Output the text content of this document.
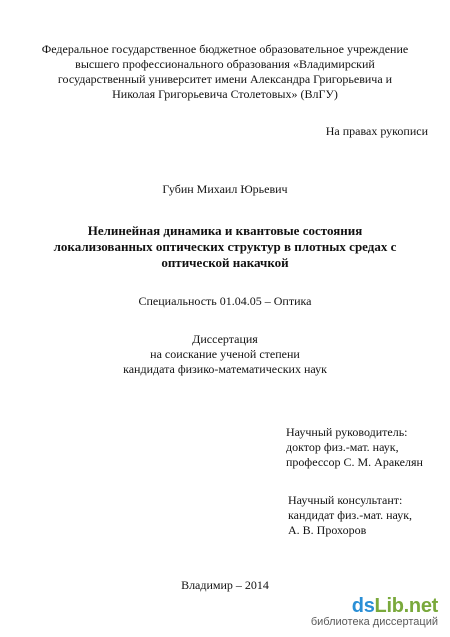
Федеральное государственное бюджетное образовательное учреждение
высшего профессионального образования «Владимирский
государственный университет имени Александра Григорьевича и
Николая Григорьевича Столетовых» (ВлГУ)
На правах рукописи
Губин Михаил Юрьевич
Нелинейная динамика и квантовые состояния
локализованных оптических структур в плотных средах с
оптической накачкой
Специальность 01.04.05 – Оптика
Диссертация
на соискание ученой степени
кандидата физико-математических наук
Научный руководитель:
доктор физ.-мат. наук,
профессор С. М. Аракелян
Научный консультант:
кандидат физ.-мат. наук,
А. В. Прохоров
Владимир – 2014
dsLib.net
библиотека диссертаций
